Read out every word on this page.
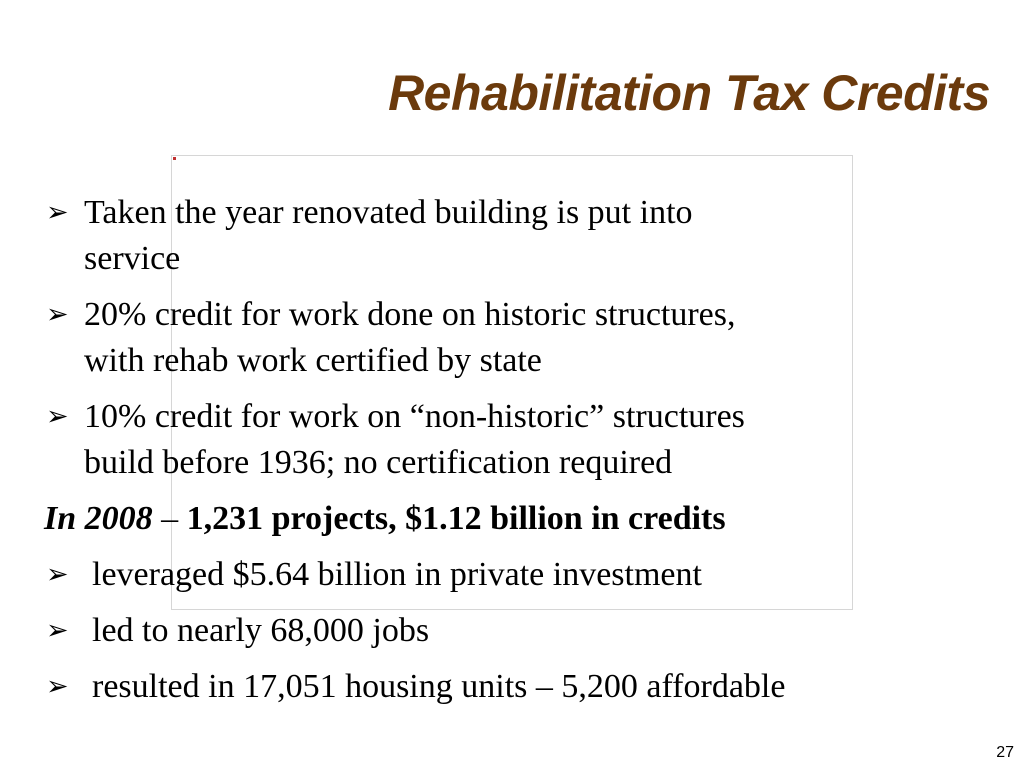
Rehabilitation Tax Credits
➢ Taken the year renovated building is put into
service
➢ 20% credit for work done on historic structures,
with rehab work certified by state
➢ 10% credit for work on “non-historic” structures
build before 1936; no certification required
In 2008 – 1,231 projects, $1.12 billion in credits
➢ leveraged $5.64 billion in private investment
➢ led to nearly 68,000 jobs
➢ resulted in 17,051 housing units – 5,200 affordable
27
